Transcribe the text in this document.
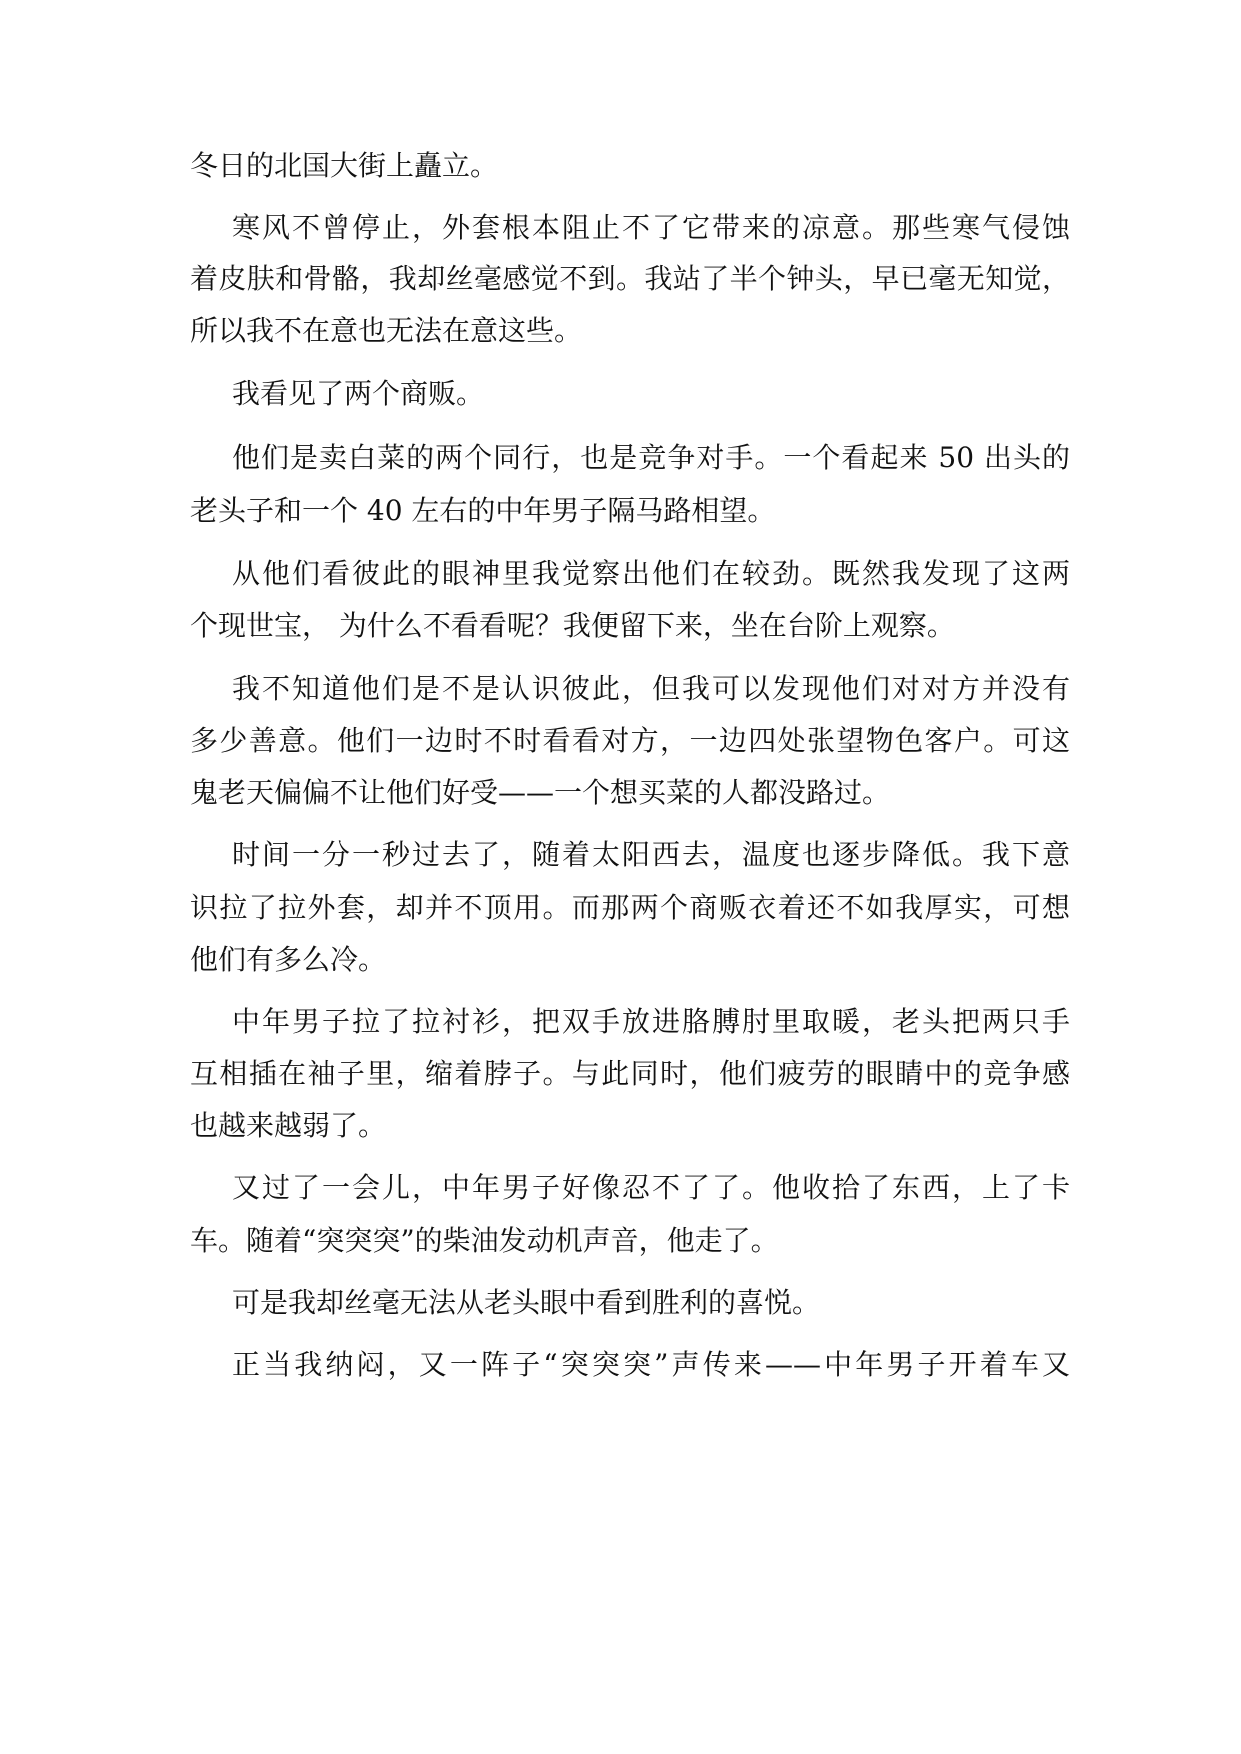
冬日的北国大街上矗立。

寒风不曾停止，外套根本阻止不了它带来的凉意。那些寒气侵蚀

着皮肤和骨骼，我却丝毫感觉不到。我站了半个钟头，早已毫无知觉，

所以我不在意也无法在意这些。

我看见了两个商贩。

他们是卖白菜的两个同行，也是竞争对手。一个看起来 50 出头的

老头子和一个 40 左右的中年男子隔马路相望。

从他们看彼此的眼神里我觉察出他们在较劲。既然我发现了这两

个现世宝， 为什么不看看呢？我便留下来，坐在台阶上观察。

我不知道他们是不是认识彼此，但我可以发现他们对对方并没有

多少善意。他们一边时不时看看对方，一边四处张望物色客户。可这

鬼老天偏偏不让他们好受——一个想买菜的人都没路过。

时间一分一秒过去了，随着太阳西去，温度也逐步降低。我下意

识拉了拉外套，却并不顶用。而那两个商贩衣着还不如我厚实，可想

他们有多么冷。

中年男子拉了拉衬衫，把双手放进胳膊肘里取暖，老头把两只手

互相插在袖子里，缩着脖子。与此同时，他们疲劳的眼睛中的竞争感

也越来越弱了。

又过了一会儿，中年男子好像忍不了了。他收拾了东西，上了卡

车。随着“突突突”的柴油发动机声音，他走了。

可是我却丝毫无法从老头眼中看到胜利的喜悦。

正当我纳闷，又一阵子“突突突”声传来——中年男子开着车又
